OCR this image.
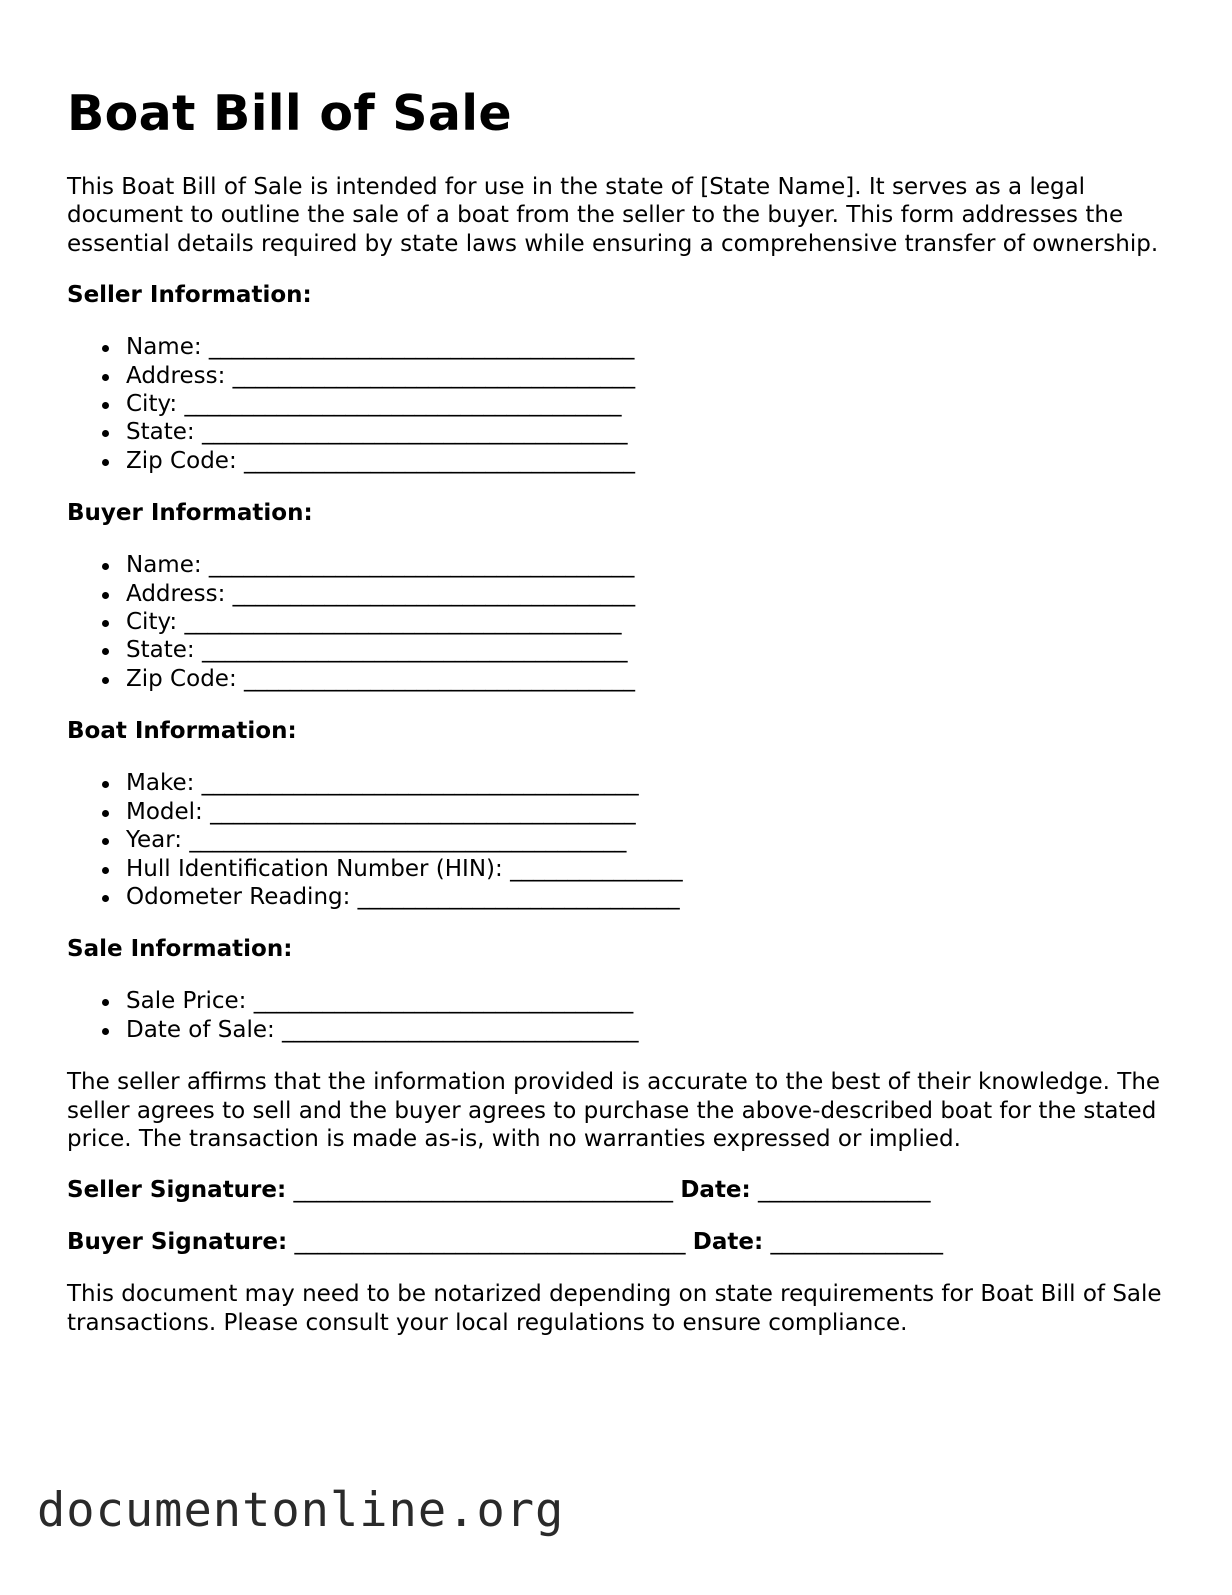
Boat Bill of Sale

This Boat Bill of Sale is intended for use in the state of [State Name]. It serves as a legal document to outline the sale of a boat from the seller to the buyer. This form addresses the essential details required by state laws while ensuring a comprehensive transfer of ownership.

Seller Information:
Name: _____________________________________
Address: ___________________________________
City: ______________________________________
State: _____________________________________
Zip Code: __________________________________
Buyer Information:
Name: _____________________________________
Address: ___________________________________
City: ______________________________________
State: _____________________________________
Zip Code: __________________________________
Boat Information:
Make: ______________________________________
Model: _____________________________________
Year: ______________________________________
Hull Identification Number (HIN): _______________
Odometer Reading: ____________________________
Sale Information:
Sale Price: _________________________________
Date of Sale: _______________________________

The seller affirms that the information provided is accurate to the best of their knowledge. The seller agrees to sell and the buyer agrees to purchase the above-described boat for the stated price. The transaction is made as-is, with no warranties expressed or implied.

Seller Signature: _________________________________ Date: _______________
Buyer Signature: __________________________________ Date: _______________

This document may need to be notarized depending on state requirements for Boat Bill of Sale transactions. Please consult your local regulations to ensure compliance.

documentonline.org
